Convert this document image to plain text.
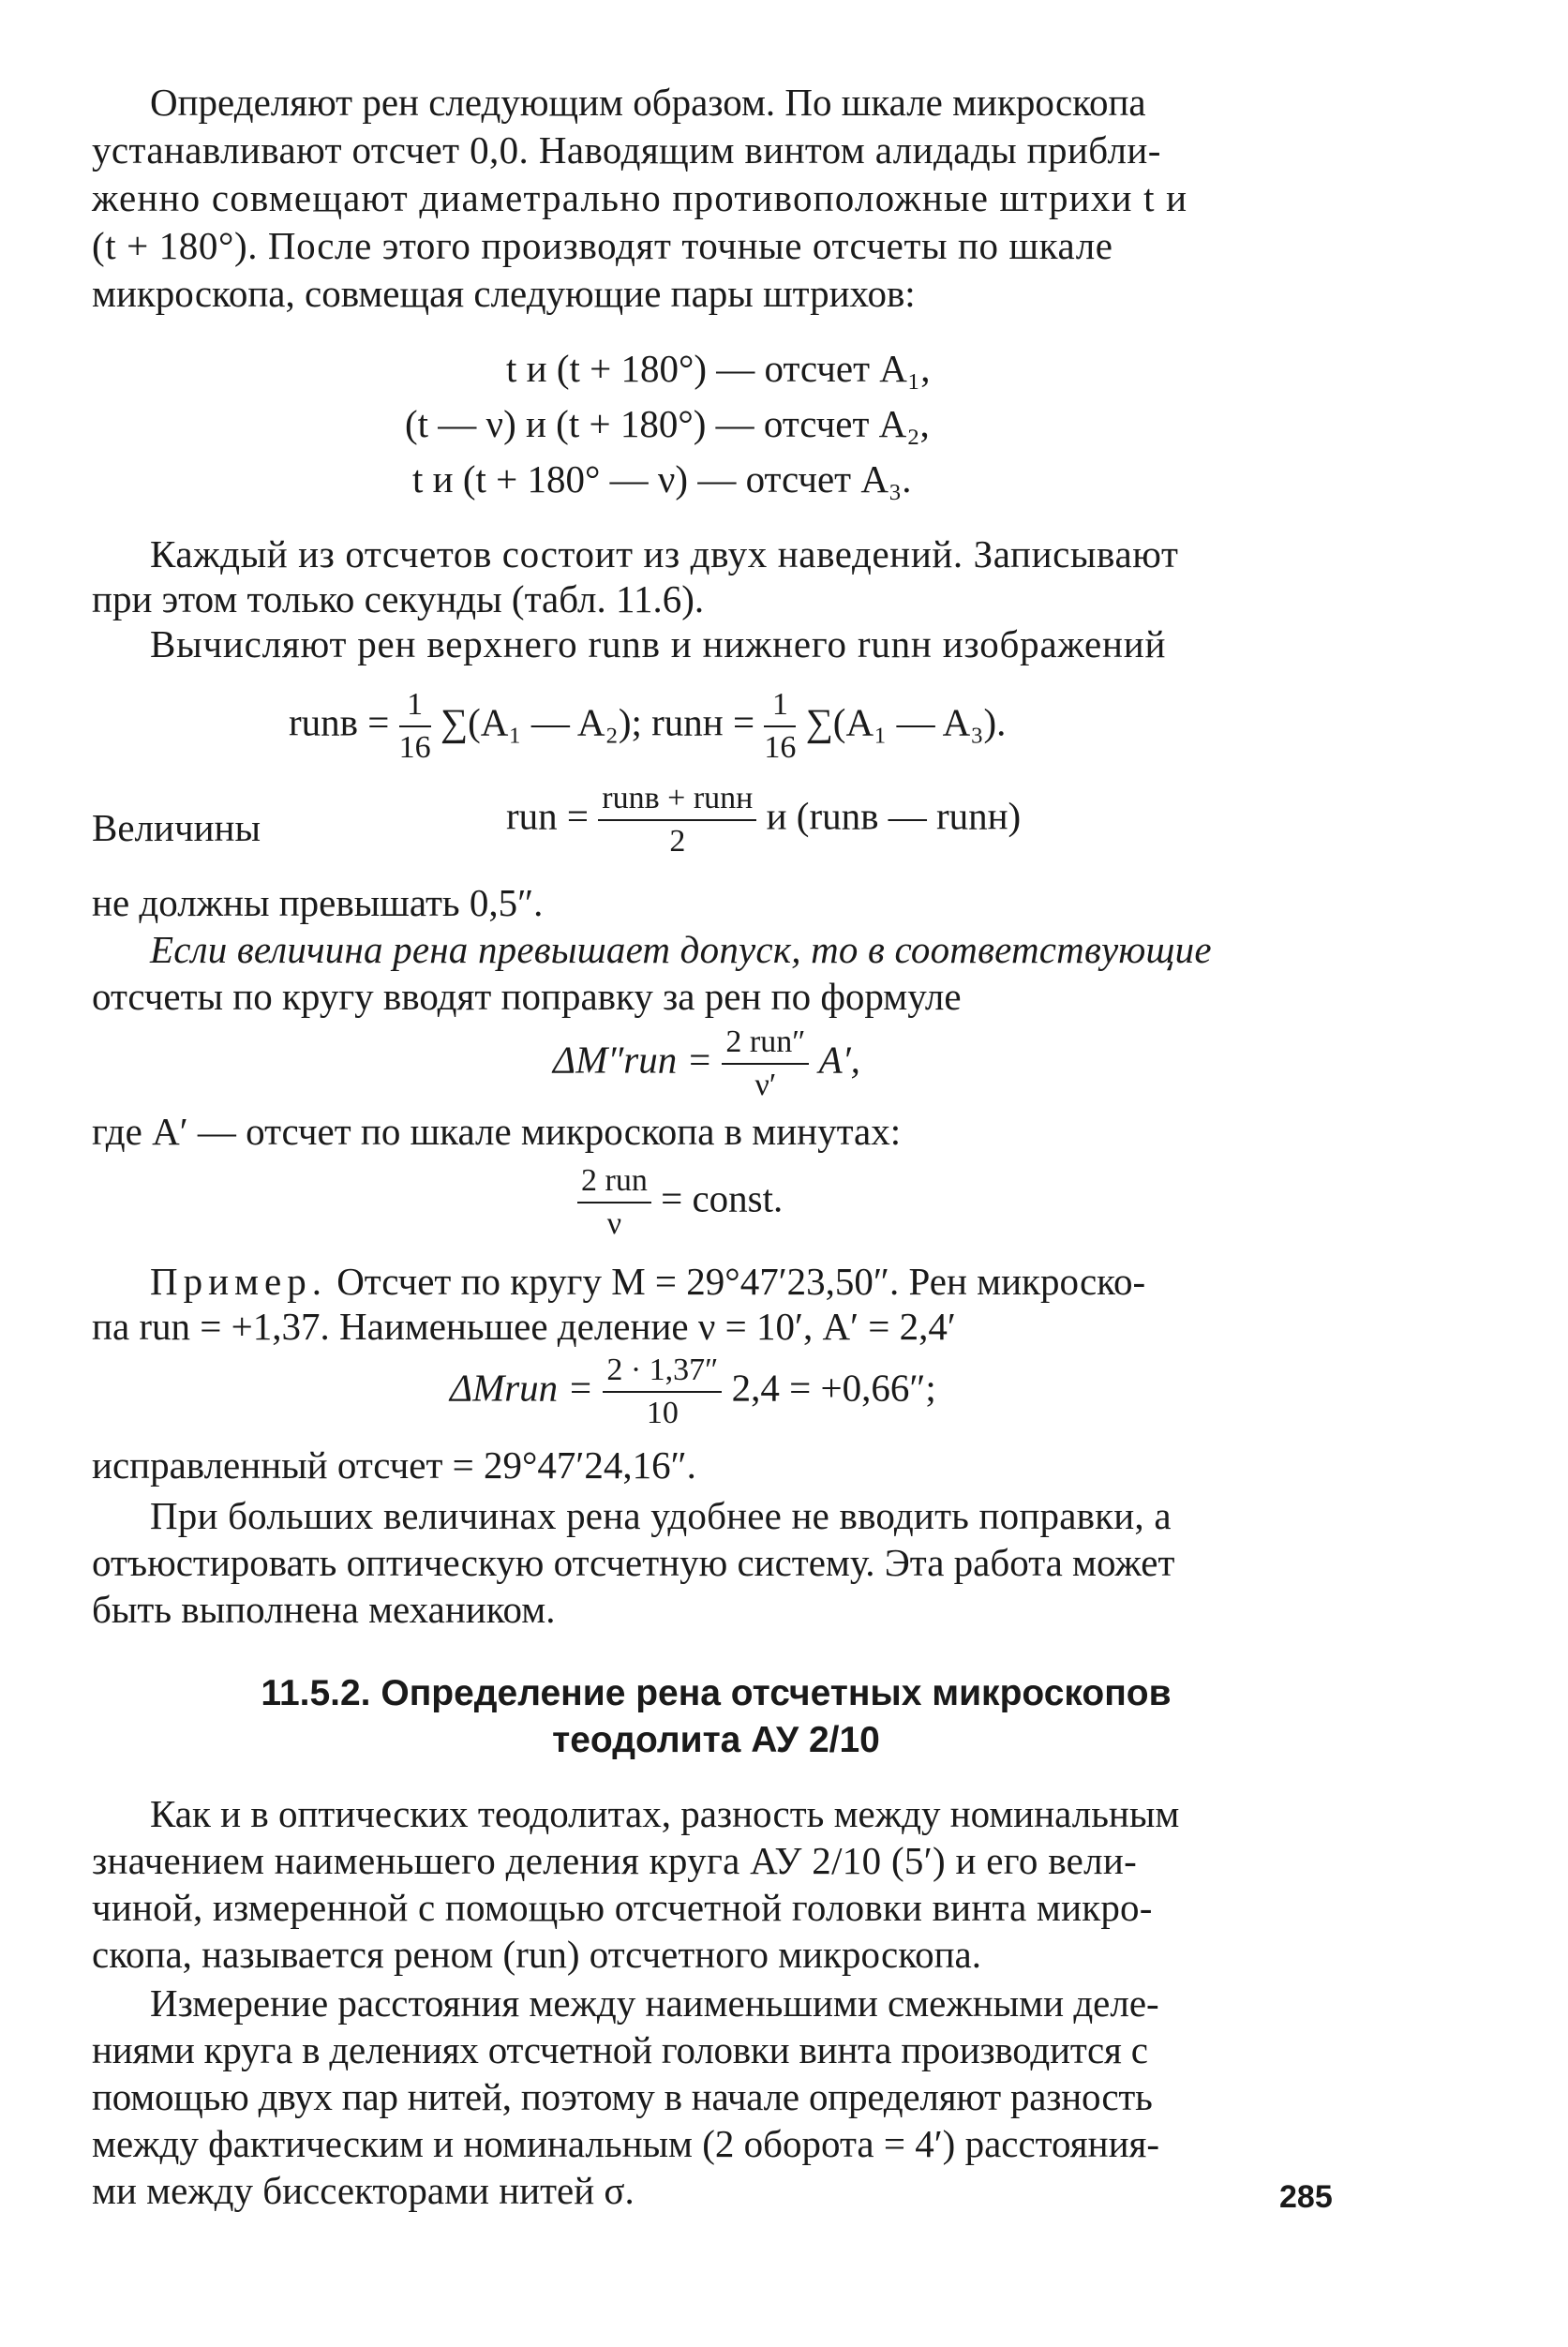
Определяют рен следующим образом. По шкале микроскопа
устанавливают отсчет 0,0. Наводящим винтом алидады прибли-
женно совмещают диаметрально противоположные штрихи t и
(t + 180°). После этого производят точные отсчеты по шкале
микроскопа, совмещая следующие пары штрихов:
t и (t + 180°) — отсчет A₁,
(t — ν) и (t + 180°) — отсчет A₂,
t и (t + 180° — ν) — отсчет A₃.
Каждый из отсчетов состоит из двух наведений. Записывают
при этом только секунды (табл. 11.6).
Вычисляют рен верхнего runв и нижнего runн изображений
runв = $\frac{1}{16} \sum(A_1$ — A₂); runн = $\frac{1}{16} \sum(A_1$ — A₃).
Величины	run = $\frac{\text{runв + runн}}{2}$ и (runв — runн)
не должны превышать 0,5″.
Если величина рена превышает допуск, то в соответствующие
отсчеты по кругу вводят поправку за рен по формуле
$\Delta M''run = \frac{\text{2 run″}}{\nu'} A'$,
где A′ — отсчет по шкале микроскопа в минутах:
$\frac{\text{2 run}}{\nu}$ = const.
Пример. Отсчет по кругу M = 29°47′23,50″. Рен микроско-
па run = +1,37. Наименьшее деление ν = 10′, A′ = 2,4′
ΔMrun = $\frac{2 \cdot 1,37''}{10} 2,4 = +0,66''$;
исправленный отсчет = 29°47′24,16″.
При больших величинах рена удобнее не вводить поправки, а
отъюстировать оптическую отсчетную систему. Эта работа может
быть выполнена механиком.
11.5.2. Определение рена отсчетных микроскопов
теодолита АУ 2/10
Как и в оптических теодолитах, разность между номинальным
значением наименьшего деления круга АУ 2/10 (5′) и его вели-
чиной, измеренной с помощью отсчетной головки винта микро-
скопа, называется реном (run) отсчетного микроскопа.
Измерение расстояния между наименьшими смежными деле-
ниями круга в делениях отсчетной головки винта производится с
помощью двух пар нитей, поэтому в начале определяют разность
между фактическим и номинальным (2 оборота = 4′) расстояния-
ми между биссекторами нитей σ.	285
